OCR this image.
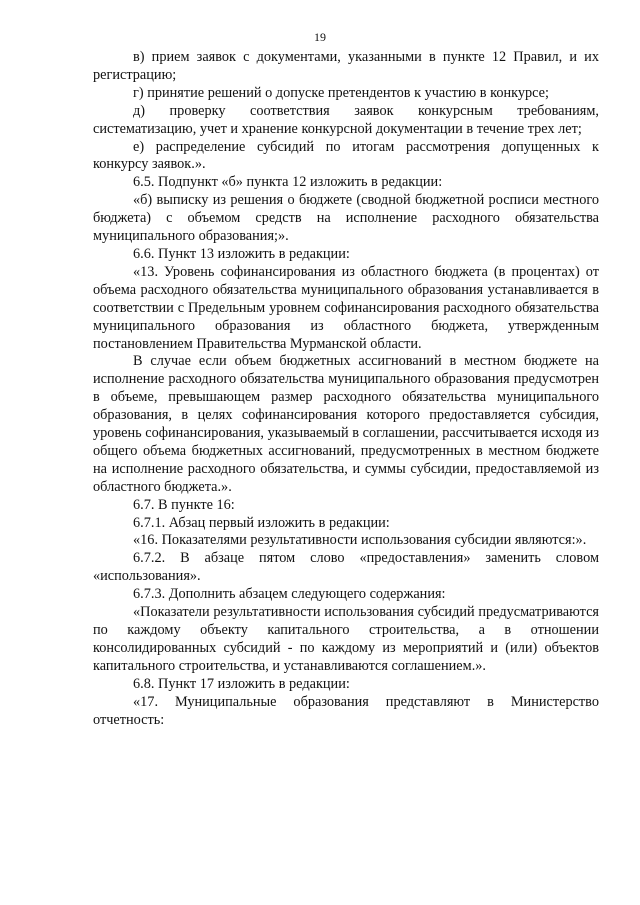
19

в) прием заявок с документами, указанными в пункте 12 Правил, и их регистрацию;

г) принятие решений о допуске претендентов к участию в конкурсе;

д) проверку соответствия заявок конкурсным требованиям, систематизацию, учет и хранение конкурсной документации в течение трех лет;

е) распределение субсидий по итогам рассмотрения допущенных к конкурсу заявок.».

6.5. Подпункт «б» пункта 12 изложить в редакции:

«б) выписку из решения о бюджете (сводной бюджетной росписи местного бюджета) с объемом средств на исполнение расходного обязательства муниципального образования;».

6.6. Пункт 13 изложить в редакции:

«13. Уровень софинансирования из областного бюджета (в процентах) от объема расходного обязательства муниципального образования устанавливается в соответствии с Предельным уровнем софинансирования расходного обязательства муниципального образования из областного бюджета, утвержденным постановлением Правительства Мурманской области.

В случае если объем бюджетных ассигнований в местном бюджете на исполнение расходного обязательства муниципального образования предусмотрен в объеме, превышающем размер расходного обязательства муниципального образования, в целях софинансирования которого предоставляется субсидия, уровень софинансирования, указываемый в соглашении, рассчитывается исходя из общего объема бюджетных ассигнований, предусмотренных в местном бюджете на исполнение расходного обязательства, и суммы субсидии, предоставляемой из областного бюджета.».

6.7. В пункте 16:

6.7.1. Абзац первый изложить в редакции:

«16. Показателями результативности использования субсидии являются:».

6.7.2. В абзаце пятом слово «предоставления» заменить словом «использования».

6.7.3. Дополнить абзацем следующего содержания:

«Показатели результативности использования субсидий предусматриваются по каждому объекту капитального строительства, а в отношении консолидированных субсидий - по каждому из мероприятий и (или) объектов капитального строительства, и устанавливаются соглашением.».

6.8. Пункт 17 изложить в редакции:

«17. Муниципальные образования представляют в Министерство отчетность:
